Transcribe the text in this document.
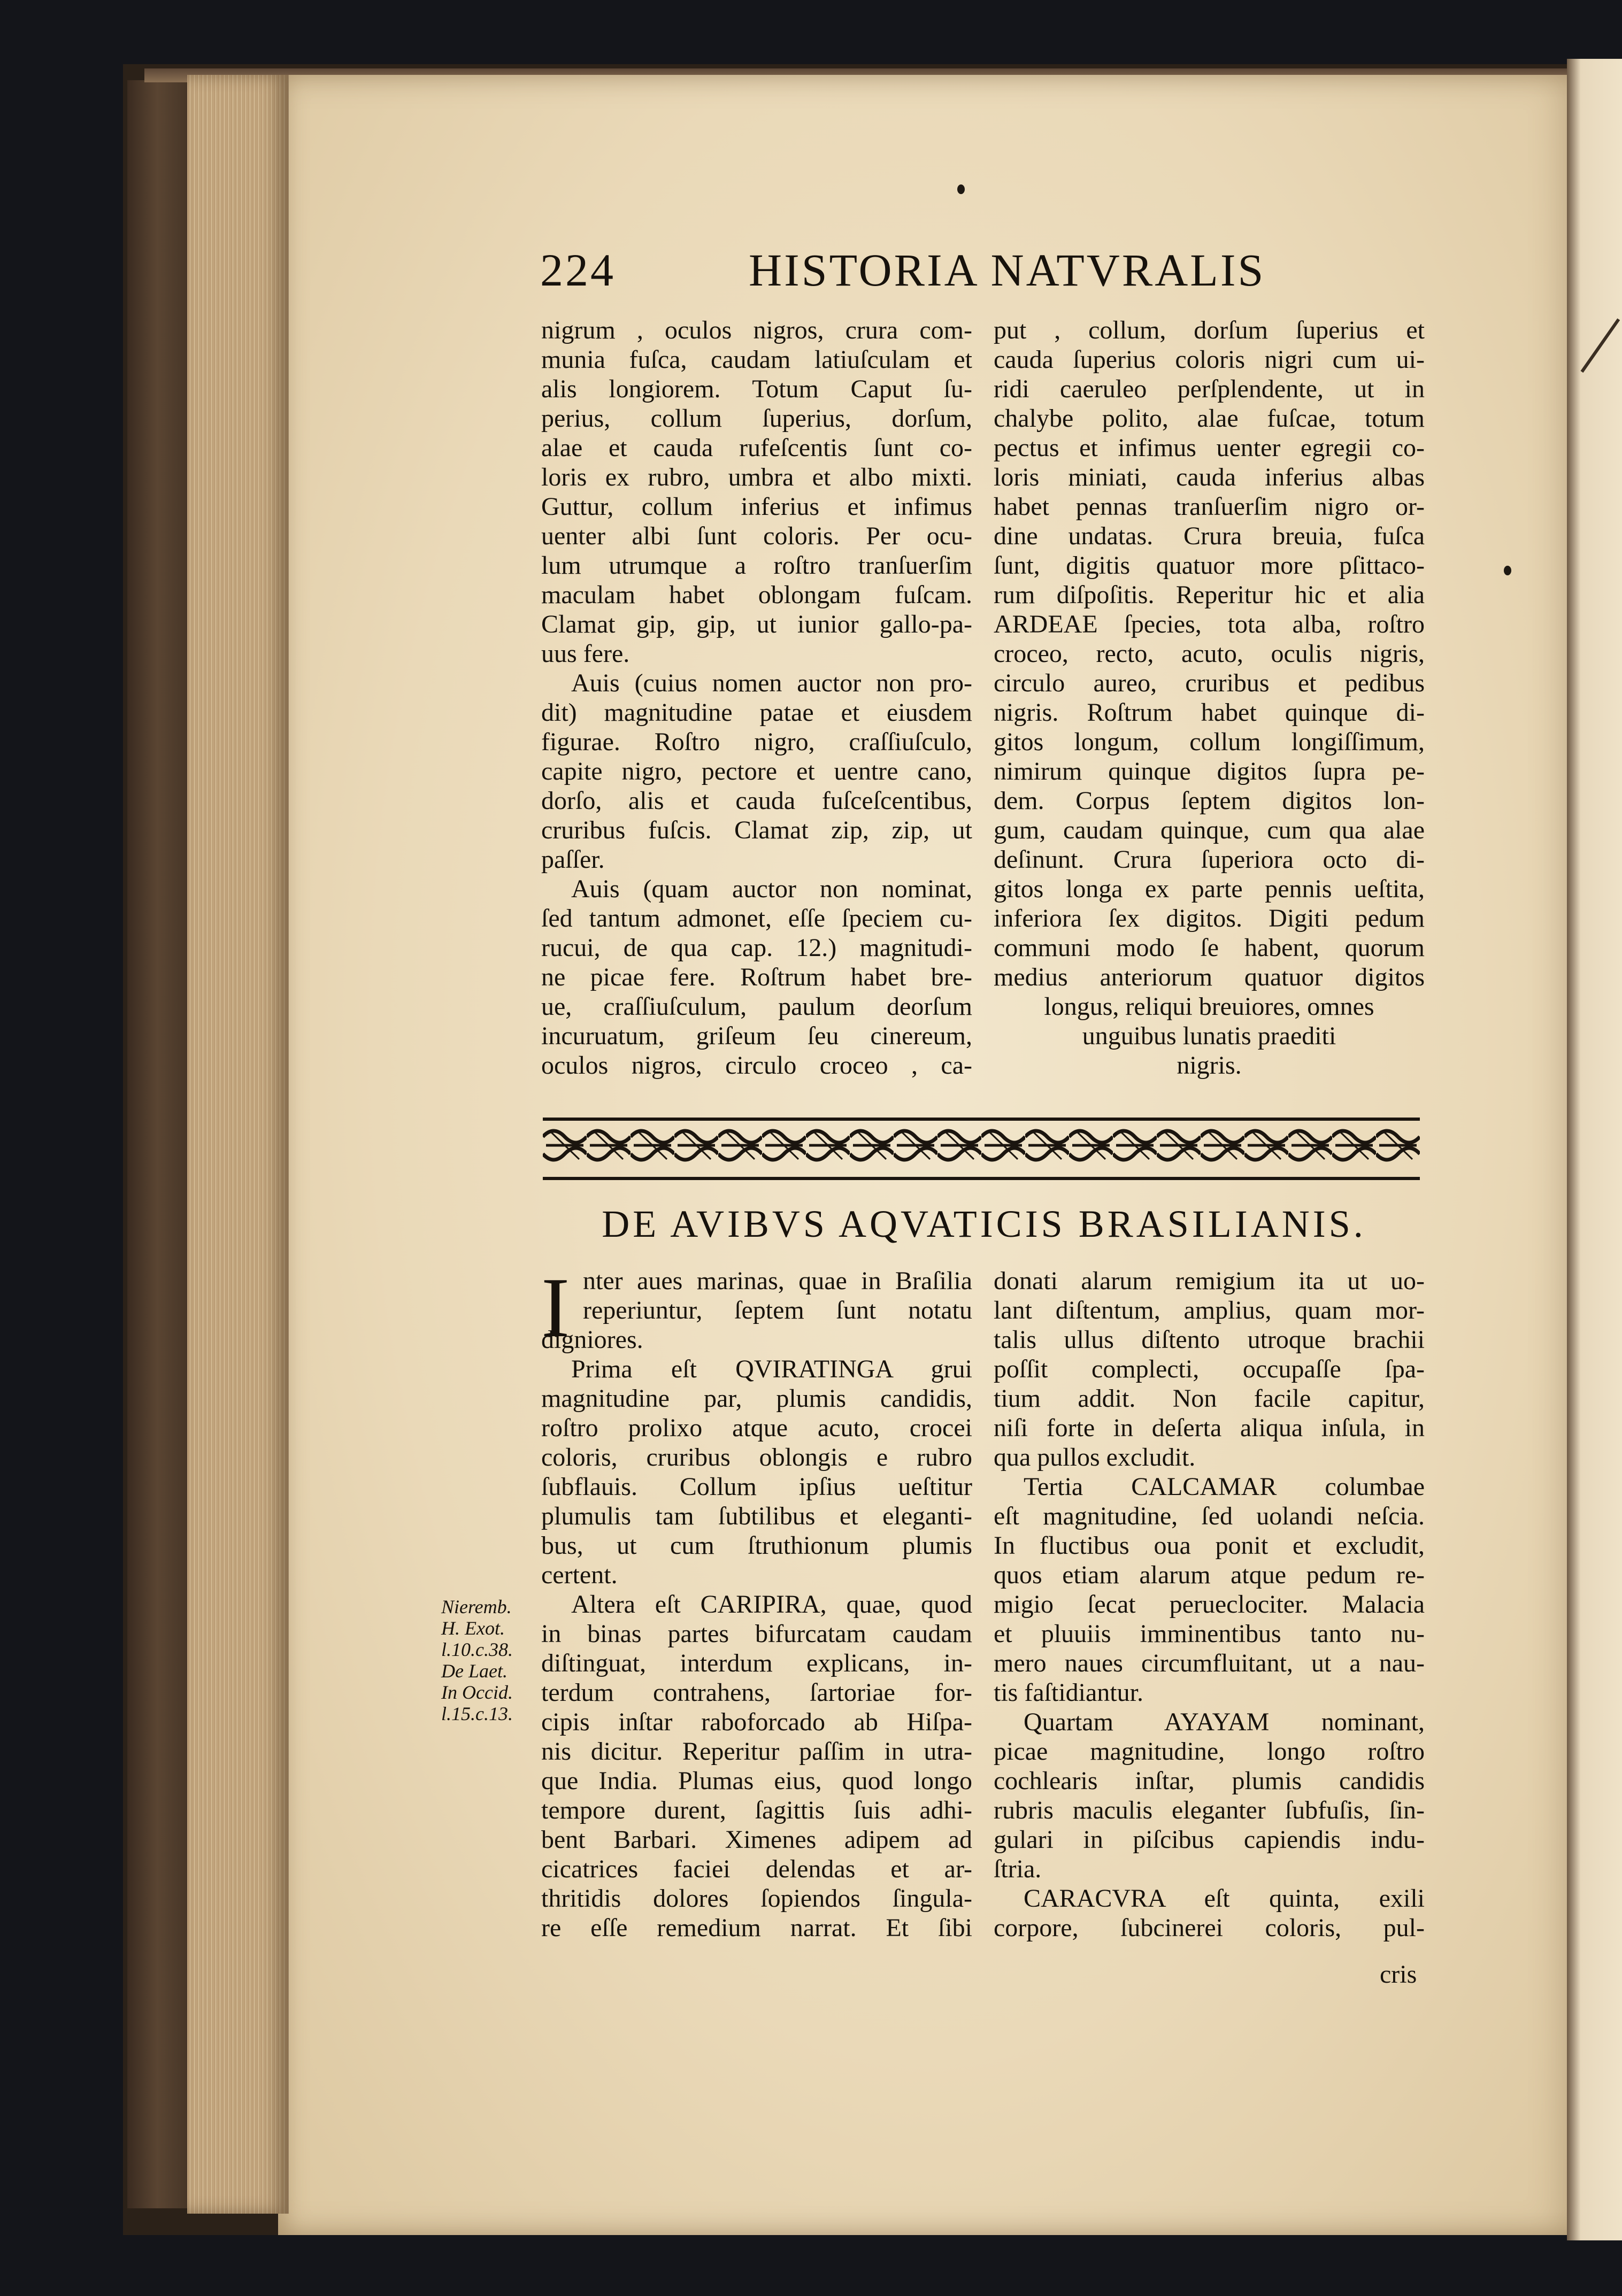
224	HISTORIA NATVRALIS
nigrum , oculos nigros, crura com-
munia fuſca, caudam latiuſculam et
alis longiorem. Totum Caput ſu-
perius, collum ſuperius, dorſum,
alae et cauda rufeſcentis ſunt co-
loris ex rubro, umbra et albo mixti.
Guttur, collum inferius et infimus
uenter albi ſunt coloris. Per ocu-
lum utrumque a roſtro tranſuerſim
maculam habet oblongam fuſcam.
Clamat gip, gip, ut iunior gallo-pa-
uus fere.
Auis (cuius nomen auctor non pro-
dit) magnitudine patae et eiusdem
figurae. Roſtro nigro, craſſiuſculo,
capite nigro, pectore et uentre cano,
dorſo, alis et cauda fuſceſcentibus,
cruribus fuſcis. Clamat zip, zip, ut
paſſer.
Auis (quam auctor non nominat,
ſed tantum admonet, eſſe ſpeciem cu-
rucui, de qua cap. 12.) magnitudi-
ne picae fere. Roſtrum habet bre-
ue, craſſiuſculum, paulum deorſum
incuruatum, griſeum ſeu cinereum,
oculos nigros, circulo croceo , ca-
put , collum, dorſum ſuperius et
cauda ſuperius coloris nigri cum ui-
ridi caeruleo perſplendente, ut in
chalybe polito, alae fuſcae, totum
pectus et infimus uenter egregii co-
loris miniati, cauda inferius albas
habet pennas tranſuerſim nigro or-
dine undatas. Crura breuia, fuſca
ſunt, digitis quatuor more pſittaco-
rum diſpoſitis. Reperitur hic et alia
ARDEAE ſpecies, tota alba, roſtro
croceo, recto, acuto, oculis nigris,
circulo aureo, cruribus et pedibus
nigris. Roſtrum habet quinque di-
gitos longum, collum longiſſimum,
nimirum quinque digitos ſupra pe-
dem. Corpus ſeptem digitos lon-
gum, caudam quinque, cum qua alae
deſinunt. Crura ſuperiora octo di-
gitos longa ex parte pennis ueſtita,
inferiora ſex digitos. Digiti pedum
communi modo ſe habent, quorum
medius anteriorum quatuor digitos
longus, reliqui breuiores, omnes
unguibus lunatis praediti
nigris.
DE AVIBVS AQVATICIS BRASILIANIS.
I nter aues marinas, quae in Braſilia
reperiuntur, ſeptem ſunt notatu
digniores.
Prima eſt QVIRATINGA grui
magnitudine par, plumis candidis,
roſtro prolixo atque acuto, crocei
coloris, cruribus oblongis e rubro
ſubflauis. Collum ipſius ueſtitur
plumulis tam ſubtilibus et eleganti-
bus, ut cum ſtruthionum plumis
certent.
Altera eſt CARIPIRA, quae, quod
in binas partes bifurcatam caudam
diſtinguat, interdum explicans, in-
terdum contrahens, ſartoriae for-
cipis inſtar raboforcado ab Hiſpa-
nis dicitur. Reperitur paſſim in utra-
que India. Plumas eius, quod longo
tempore durent, ſagittis ſuis adhi-
bent Barbari. Ximenes adipem ad
cicatrices faciei delendas et ar-
thritidis dolores ſopiendos ſingula-
re eſſe remedium narrat. Et ſibi
donati alarum remigium ita ut uo-
lant diſtentum, amplius, quam mor-
talis ullus diſtento utroque brachii
poſſit complecti, occupaſſe ſpa-
tium addit. Non facile capitur,
niſi forte in deſerta aliqua inſula, in
qua pullos excludit.
Tertia CALCAMAR columbae
eſt magnitudine, ſed uolandi neſcia.
In fluctibus oua ponit et excludit,
quos etiam alarum atque pedum re-
migio ſecat perueclociter. Malacia
et pluuiis imminentibus tanto nu-
mero naues circumfluitant, ut a nau-
tis faſtidiantur.
Quartam AYAYAM nominant,
picae magnitudine, longo roſtro
cochlearis inſtar, plumis candidis
rubris maculis eleganter ſubfuſis, ſin-
gulari in piſcibus capiendis indu-
ſtria.
CARACVRA eſt quinta, exili
corpore, ſubcinerei coloris, pul-
cris
Nieremb.
H. Exot.
l.10.c.38.
De Laet.
In Occid.
l.15.c.13.
